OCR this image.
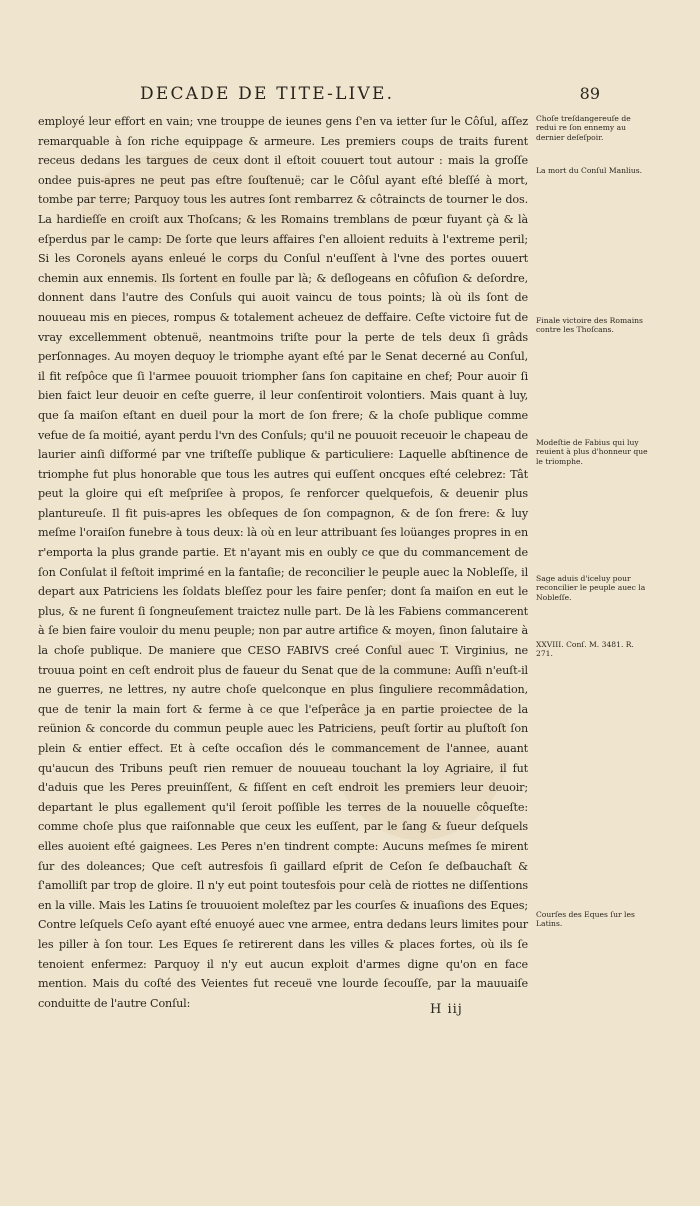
DECADE DE TITE-LIVE.	89

employé leur effort en vain; vne trouppe de ieunes gens ſ'en va ietter ſur le Côſul, aſſez remarquable à ſon riche equippage & armeure. Les premiers coups de traits furent receus dedans les targues de ceux dont il eſtoit couuert tout autour : mais la groſſe ondee puis-apres ne peut pas eſtre ſouſtenuë; car le Côſul ayant eſté bleſſé à mort, tombe par terre; Parquoy tous les autres ſont rembarrez & côtraincts de tourner le dos. La hardieſſe en croiſt aux Thoſcans; & les Romains tremblans de pœur fuyant çà & là eſperdus par le camp: De ſorte que leurs affaires ſ'en alloient reduits à l'extreme peril; Si les Coronels ayans enleué le corps du Conſul n'euſſent à l'vne des portes ouuert chemin aux ennemis. Ils ſortent en foulle par là; & deſlogeans en côfuſion & deſordre, donnent dans l'autre des Conſuls qui auoit vaincu de tous points; là où ils ſont de nouueau mis en pieces, rompus & totalement acheuez de deffaire. Ceſte victoire fut de vray excellemment obtenuë, neantmoins triſte pour la perte de tels deux ſi grâds perſonnages. Au moyen dequoy le triomphe ayant eſté par le Senat decerné au Conſul, il fit reſpôce que ſi l'armee pouuoit triompher ſans ſon capitaine en chef; Pour auoir ſi bien faict leur deuoir en ceſte guerre, il leur conſentiroit volontiers. Mais quant à luy, que ſa maiſon eſtant en dueil pour la mort de ſon frere; & la choſe publique comme vefue de ſa moitié, ayant perdu l'vn des Conſuls; qu'il ne pouuoit receuoir le chapeau de laurier ainſi diſformé par vne triſteſſe publique & particuliere: Laquelle abſtinence de triomphe fut plus honorable que tous les autres qui euſſent oncques eſté celebrez: Tât peut la gloire qui eſt meſpriſee à propos, ſe renforcer quelquefois, & deuenir plus plantureuſe. Il fit puis-apres les obſeques de ſon compagnon, & de ſon frere: & luy meſme l'oraiſon funebre à tous deux: là où en leur attribuant ſes loüanges propres in en r'emporta la plus grande partie. Et n'ayant mis en oubly ce que du commancement de ſon Conſulat il feſtoit imprimé en la fantaſie; de reconcilier le peuple auec la Nobleſſe, il depart aux Patriciens les ſoldats bleſſez pour les faire penſer; dont ſa maiſon en eut le plus, & ne furent ſi ſongneuſement traictez nulle part. De là les Fabiens commancerent à ſe bien faire vouloir du menu peuple; non par autre artifice & moyen, ſinon ſalutaire à la choſe publique. De maniere que CESO FABIVS creé Conſul auec T. Virginius, ne trouua point en ceſt endroit plus de faueur du Senat que de la commune: Auſſi n'euſt-il ne guerres, ne lettres, ny autre choſe quelconque en plus ſinguliere recommâdation, que de tenir la main fort & ferme à ce que l'eſperâce ja en partie proiectee de la reünion & concorde du commun peuple auec les Patriciens, peuſt ſortir au pluſtoſt ſon plein & entier effect. Et à ceſte occaſion dés le commancement de l'annee, auant qu'aucun des Tribuns peuſt rien remuer de nouueau touchant la loy Agriaire, il fut d'aduis que les Peres preuinſſent, & fiſſent en ceſt endroit les premiers leur deuoir; departant le plus egallement qu'il ſeroit poſſible les terres de la nouuelle côqueſte: comme choſe plus que raiſonnable que ceux les euſſent, par le ſang & ſueur deſquels elles auoient eſté gaignees. Les Peres n'en tindrent compte: Aucuns meſmes ſe mirent ſur des doleances; Que ceſt autresfois ſi gaillard eſprit de Ceſon ſe deſbauchaſt & ſ'amolliſt par trop de gloire. Il n'y eut point toutesfois pour celà de riottes ne diſſentions en la ville. Mais les Latins ſe trouuoient moleſtez par les courſes & inuaſions des Eques; Contre leſquels Ceſo ayant eſté enuoyé auec vne armee, entra dedans leurs limites pour les piller à ſon tour. Les Eques ſe retirerent dans les villes & places fortes, où ils ſe tenoient enfermez: Parquoy il n'y eut aucun exploit d'armes digne qu'on en face mention. Mais du coſté des Veientes fut receuë vne lourde ſecouſſe, par la mauuaiſe conduitte de l'autre Conſul:

Choſe treſdangereuſe de redui re ſon ennemy au dernier deſeſpoir.
La mort du Conſul Manlius.
Finale victoire des Romains contre les Thoſcans.
Modeſtie de Fabius qui luy reuient à plus d'honneur que le triomphe.
Sage aduis d'iceluy pour reconcilier le peuple auec la Nobleſſe.
XXVIII. Conſ. M. 3481. R. 271.
Courſes des Eques ſur les Latins.
H iij
